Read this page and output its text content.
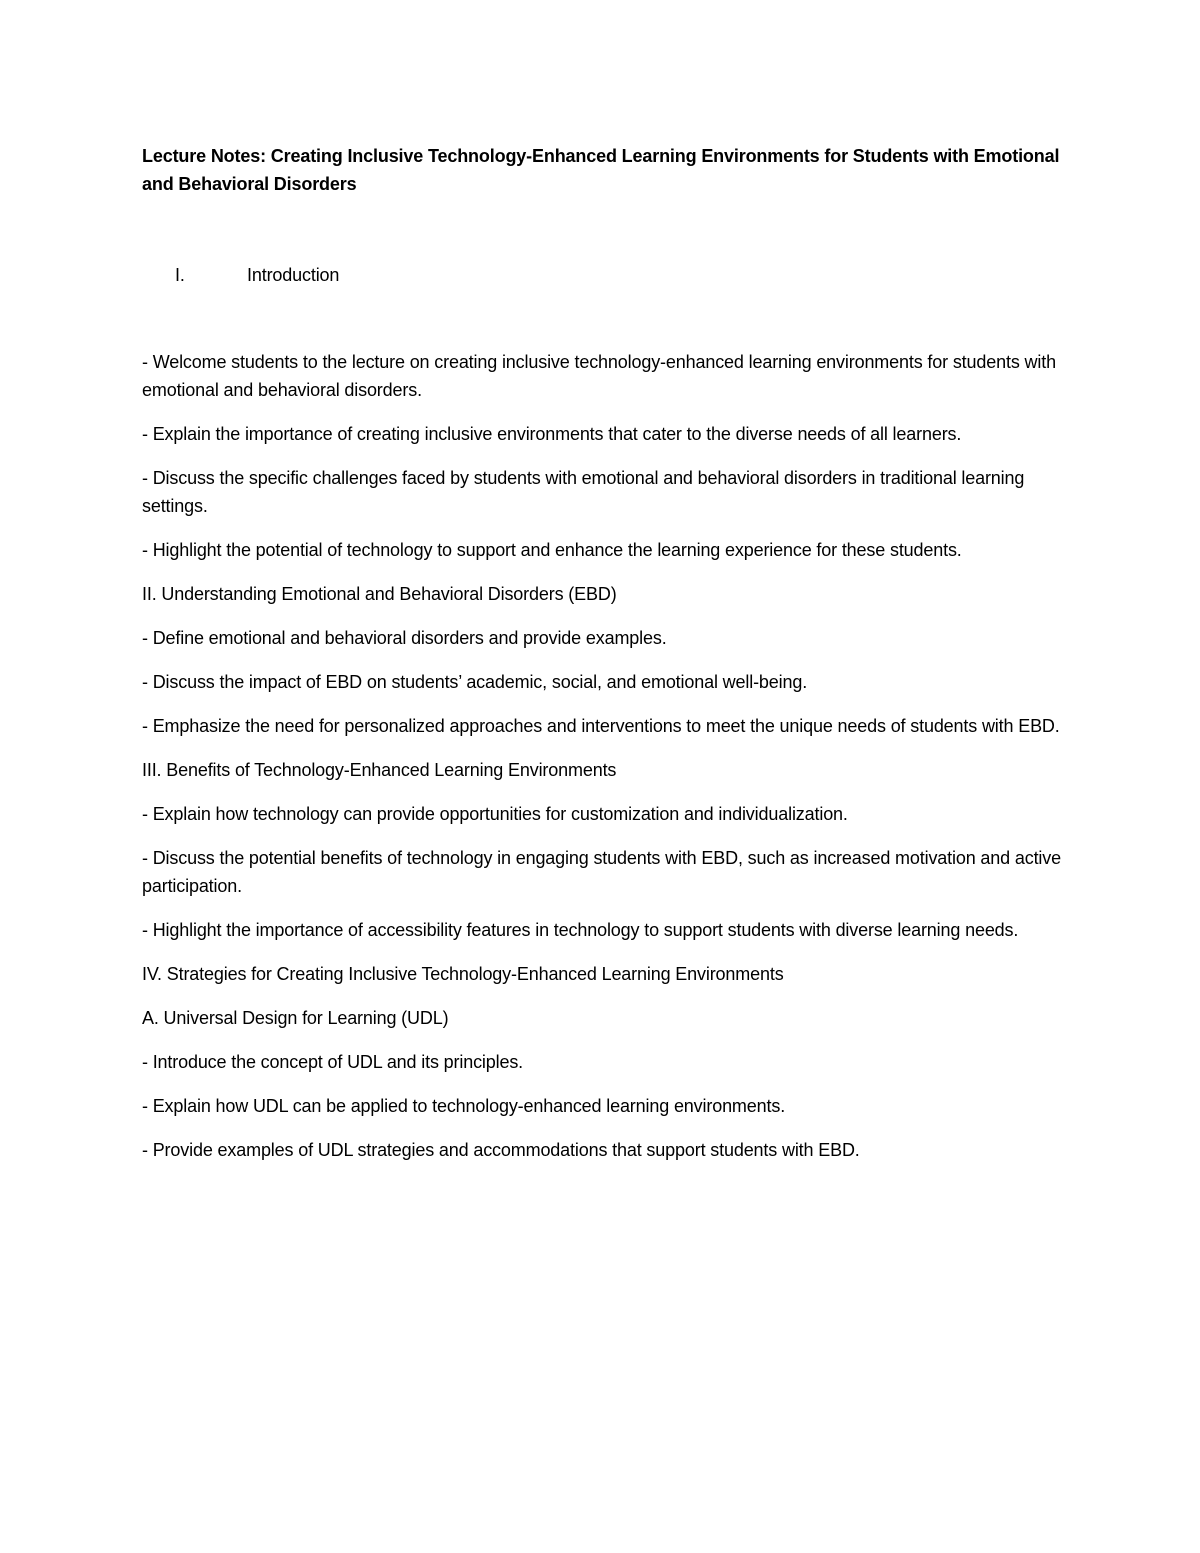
Lecture Notes: Creating Inclusive Technology-Enhanced Learning Environments for Students with Emotional and Behavioral Disorders

I.	Introduction

- Welcome students to the lecture on creating inclusive technology-enhanced learning environments for students with emotional and behavioral disorders.

- Explain the importance of creating inclusive environments that cater to the diverse needs of all learners.

- Discuss the specific challenges faced by students with emotional and behavioral disorders in traditional learning settings.

- Highlight the potential of technology to support and enhance the learning experience for these students.

II. Understanding Emotional and Behavioral Disorders (EBD)

- Define emotional and behavioral disorders and provide examples.

- Discuss the impact of EBD on students’ academic, social, and emotional well-being.

- Emphasize the need for personalized approaches and interventions to meet the unique needs of students with EBD.

III. Benefits of Technology-Enhanced Learning Environments

- Explain how technology can provide opportunities for customization and individualization.

- Discuss the potential benefits of technology in engaging students with EBD, such as increased motivation and active participation.

- Highlight the importance of accessibility features in technology to support students with diverse learning needs.

IV. Strategies for Creating Inclusive Technology-Enhanced Learning Environments

A. Universal Design for Learning (UDL)

- Introduce the concept of UDL and its principles.

- Explain how UDL can be applied to technology-enhanced learning environments.

- Provide examples of UDL strategies and accommodations that support students with EBD.
